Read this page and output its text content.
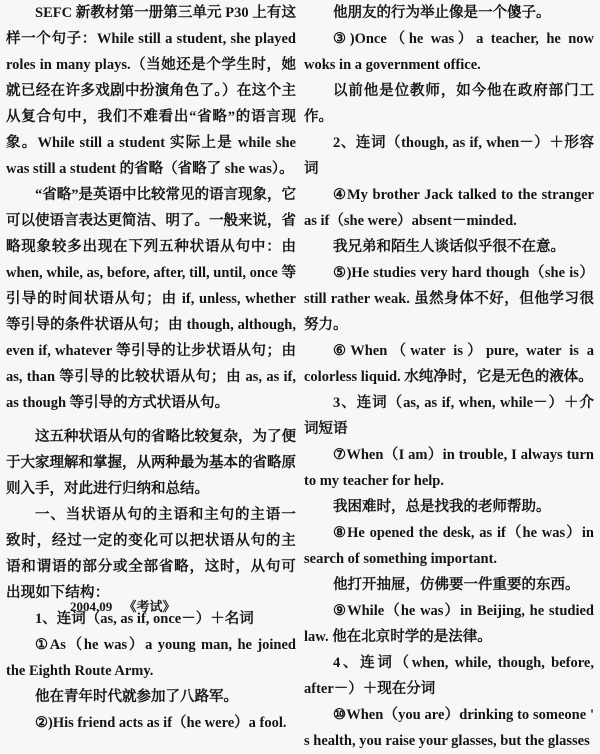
SEFC 新教材第一册第三单元 P30 上有这样一个句子：While still a student, she played roles in many plays.（当她还是个学生时，她就已经在许多戏剧中扮演角色了。）在这个主从复合句中，我们不难看出“省略”的语言现象。While still a student 实际上是 while she was still a student 的省略（省略了 she was）。

“省略”是英语中比较常见的语言现象，它可以使语言表达更简洁、明了。一般来说，省略现象较多出现在下列五种状语从句中：由 when, while, as, before, after, till, until, once 等引导的时间状语从句；由 if, unless, whether 等引导的条件状语从句；由 though, although, even if, whatever 等引导的让步状语从句；由 as, than 等引导的比较状语从句；由 as, as if, as though 等引导的方式状语从句。

这五种状语从句的省略比较复杂，为了便于大家理解和掌握，从两种最为基本的省略原则入手，对此进行归纳和总结。

一、当状语从句的主语和主句的主语一致时，经过一定的变化可以把状语从句的主语和谓语的部分或全部省略，这时，从句可出现如下结构：

1、连词（as, as if, once－）＋名词

①As（he was）a young man, he joined the Eighth Route Army.

他在青年时代就参加了八路军。

②)His friend acts as if（he were）a fool.

他朋友的行为举止像是一个傻子。

③)Once（he was）a teacher, he now woks in a government office.

以前他是位教师，如今他在政府部门工作。

2、连词（though, as if, when－）＋形容词

④My brother Jack talked to the stranger as if（she were）absent－minded.

我兄弟和陌生人谈话似乎很不在意。

⑤)He studies very hard though（she is）still rather weak. 虽然身体不好，但他学习很努力。

⑥When（water is）pure, water is a colorless liquid. 水纯净时，它是无色的液体。

3、连词（as, as if, when, while－）＋介词短语

⑦When（I am）in trouble, I always turn to my teacher for help.

我困难时，总是找我的老师帮助。

⑧He opened the desk, as if（he was）in search of something important.

他打开抽屉，仿佛要一件重要的东西。

⑨While（he was）in Beijing, he studied law. 他在北京时学的是法律。

4、连词（when, while, though, before, after－）＋现在分词

⑩When（you are）drinking to someone ' s health, you raise your glasses, but the glasses

2004.09 《考试》
